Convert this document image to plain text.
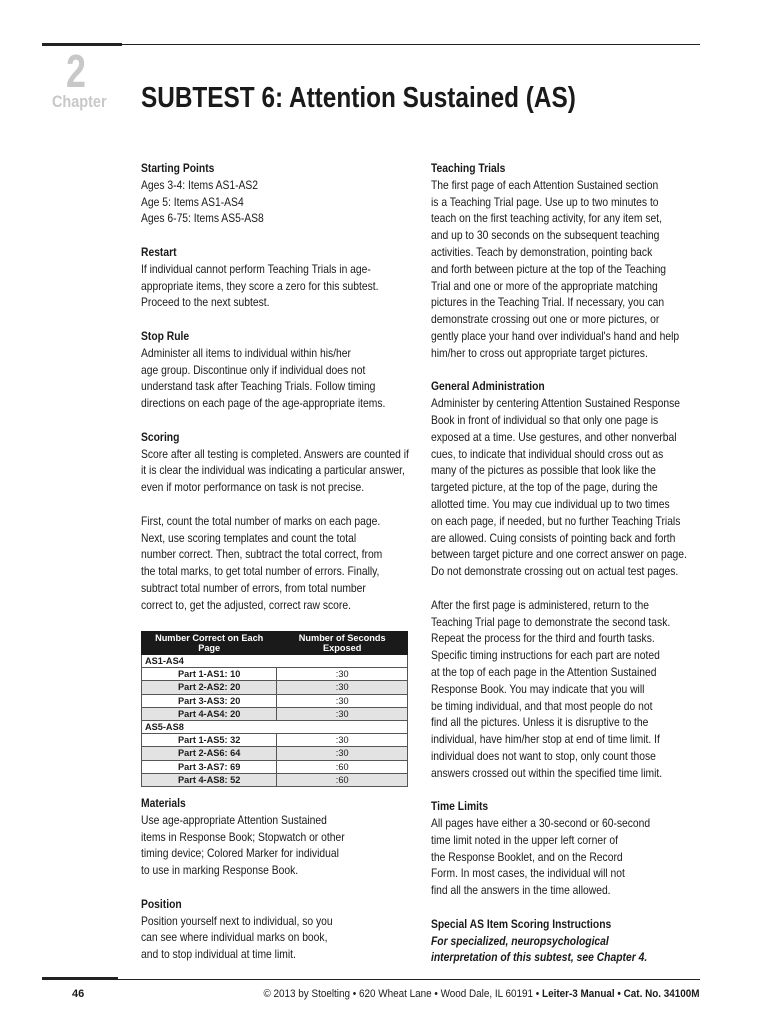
2
Chapter SUBTEST 6: Attention Sustained (AS)

Starting Points

Ages 3-4: Items AS1-AS2
Age 5: Items AS1-AS4
Ages 6-75: Items AS5-AS8

Restart

If individual cannot perform Teaching Trials in age-
appropriate items, they score a zero for this subtest.
Proceed to the next subtest.

Stop Rule

Administer all items to individual within his/her
age group. Discontinue only if individual does not
understand task after Teaching Trials. Follow timing
directions on each page of the age-appropriate items.

Scoring

Score after all testing is completed. Answers are counted if
it is clear the individual was indicating a particular answer,
even if motor performance on task is not precise.
First, count the total number of marks on each page.
Next, use scoring templates and count the total
number correct. Then, subtract the total correct, from
the total marks, to get total number of errors. Finally,
subtract total number of errors, from total number
correct to, get the adjusted, correct raw score.
Number Correct on Each Page	Number of Seconds Exposed
AS1-AS4	
Part 1-AS1: 10	:30
Part 2-AS2: 20	:30
Part 3-AS3: 20	:30
Part 4-AS4: 20	:30
AS5-AS8	
Part 1-AS5: 32	:30
Part 2-AS6: 64	:30
Part 3-AS7: 69	:60
Part 4-AS8: 52	:60

Materials

Use age-appropriate Attention Sustained
items in Response Book; Stopwatch or other
timing device; Colored Marker for individual
to use in marking Response Book.

Position

Position yourself next to individual, so you
can see where individual marks on book,
and to stop individual at time limit.

Teaching Trials

The first page of each Attention Sustained section
is a Teaching Trial page. Use up to two minutes to
teach on the first teaching activity, for any item set,
and up to 30 seconds on the subsequent teaching
activities. Teach by demonstration, pointing back
and forth between picture at the top of the Teaching
Trial and one or more of the appropriate matching
pictures in the Teaching Trial. If necessary, you can
demonstrate crossing out one or more pictures, or
gently place your hand over individual's hand and help
him/her to cross out appropriate target pictures.

General Administration

Administer by centering Attention Sustained Response
Book in front of individual so that only one page is
exposed at a time. Use gestures, and other nonverbal
cues, to indicate that individual should cross out as
many of the pictures as possible that look like the
targeted picture, at the top of the page, during the
allotted time. You may cue individual up to two times
on each page, if needed, but no further Teaching Trials
are allowed. Cuing consists of pointing back and forth
between target picture and one correct answer on page.
Do not demonstrate crossing out on actual test pages.
After the first page is administered, return to the
Teaching Trial page to demonstrate the second task.
Repeat the process for the third and fourth tasks.
Specific timing instructions for each part are noted
at the top of each page in the Attention Sustained
Response Book. You may indicate that you will
be timing individual, and that most people do not
find all the pictures. Unless it is disruptive to the
individual, have him/her stop at end of time limit. If
individual does not want to stop, only count those
answers crossed out within the specified time limit.

Time Limits

All pages have either a 30-second or 60-second
time limit noted in the upper left corner of
the Response Booklet, and on the Record
Form. In most cases, the individual will not
find all the answers in the time allowed.

Special AS Item Scoring Instructions

For specialized, neuropsychological
interpretation of this subtest, see Chapter 4.
46	© 2013 by Stoelting • 620 Wheat Lane • Wood Dale, IL 60191 • Leiter-3 Manual • Cat. No. 34100M
